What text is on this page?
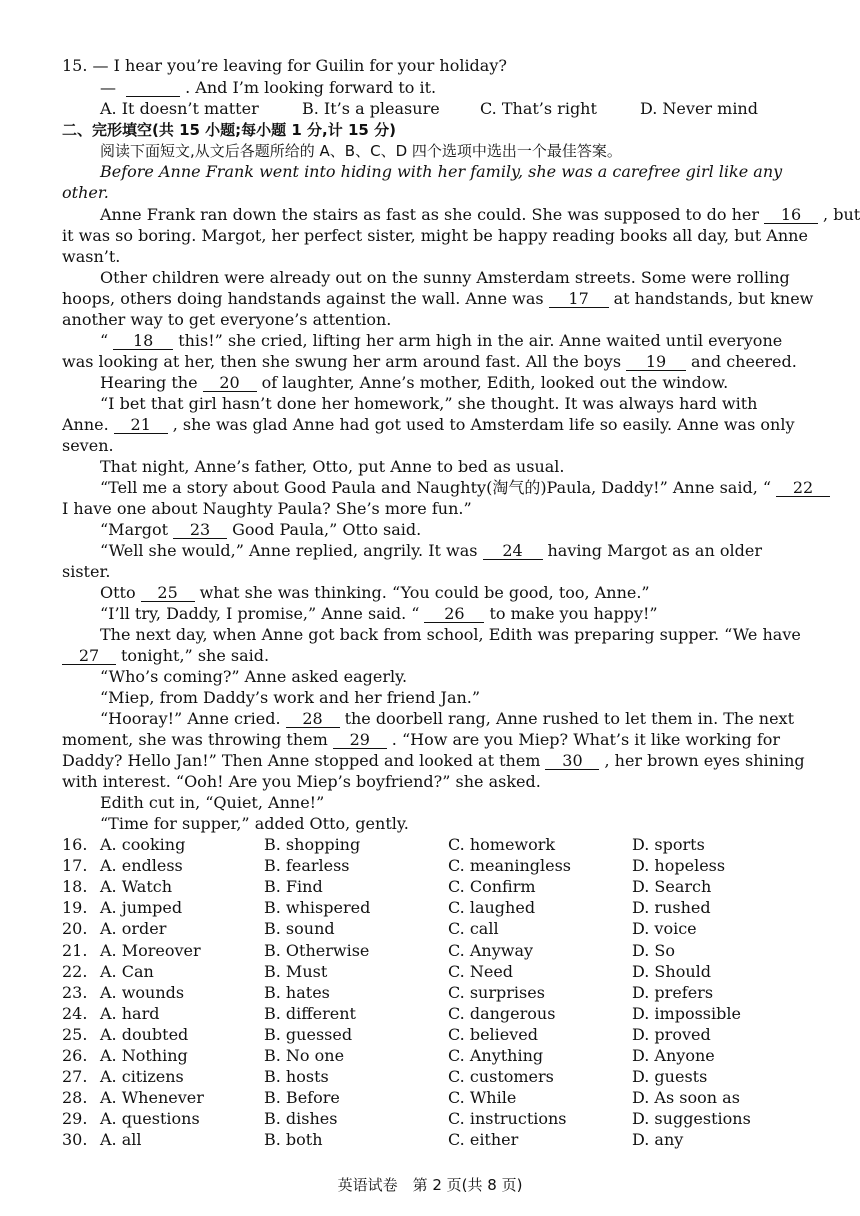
15. — I hear you’re leaving for Guilin for your holiday?
—	. And I’m looking forward to it.
A. It doesn’t matter	B. It’s a pleasure	C. That’s right	D. Never mind
二、完形填空(共 15 小题;每小题 1 分,计 15 分)
阅读下面短文,从文后各题所给的 A、B、C、D 四个选项中选出一个最佳答案。
Before Anne Frank went into hiding with her family, she was a carefree girl like any
other.
Anne Frank ran down the stairs as fast as she could. She was supposed to do her 16 , but
it was so boring. Margot, her perfect sister, might be happy reading books all day, but Anne
wasn’t.
Other children were already out on the sunny Amsterdam streets. Some were rolling
hoops, others doing handstands against the wall. Anne was 17 at handstands, but knew
another way to get everyone’s attention.
“ 18 this!” she cried, lifting her arm high in the air. Anne waited until everyone
was looking at her, then she swung her arm around fast. All the boys 19 and cheered.
Hearing the 20 of laughter, Anne’s mother, Edith, looked out the window.
“I bet that girl hasn’t done her homework,” she thought. It was always hard with
Anne. 21 , she was glad Anne had got used to Amsterdam life so easily. Anne was only
seven.
That night, Anne’s father, Otto, put Anne to bed as usual.
“Tell me a story about Good Paula and Naughty(淘气的)Paula, Daddy!” Anne said, “ 22
I have one about Naughty Paula? She’s more fun.”
“Margot 23 Good Paula,” Otto said.
“Well she would,” Anne replied, angrily. It was 24 having Margot as an older
sister.
Otto 25 what she was thinking. “You could be good, too, Anne.”
“I’ll try, Daddy, I promise,” Anne said. “ 26 to make you happy!”
The next day, when Anne got back from school, Edith was preparing supper. “We have
27 tonight,” she said.
“Who’s coming?” Anne asked eagerly.
“Miep, from Daddy’s work and her friend Jan.”
“Hooray!” Anne cried. 28 the doorbell rang, Anne rushed to let them in. The next
moment, she was throwing them 29 . “How are you Miep? What’s it like working for
Daddy? Hello Jan!” Then Anne stopped and looked at them 30 , her brown eyes shining
with interest. “Ooh! Are you Miep’s boyfriend?” she asked.
Edith cut in, “Quiet, Anne!”
“Time for supper,” added Otto, gently.
16. A. cooking	B. shopping	C. homework	D. sports
17. A. endless	B. fearless	C. meaningless	D. hopeless
18. A. Watch	B. Find	C. Confirm	D. Search
19. A. jumped	B. whispered	C. laughed	D. rushed
20. A. order	B. sound	C. call	D. voice
21. A. Moreover	B. Otherwise	C. Anyway	D. So
22. A. Can	B. Must	C. Need	D. Should
23. A. wounds	B. hates	C. surprises	D. prefers
24. A. hard	B. different	C. dangerous	D. impossible
25. A. doubted	B. guessed	C. believed	D. proved
26. A. Nothing	B. No one	C. Anything	D. Anyone
27. A. citizens	B. hosts	C. customers	D. guests
28. A. Whenever	B. Before	C. While	D. As soon as
29. A. questions	B. dishes	C. instructions	D. suggestions
30. A. all	B. both	C. either	D. any
英语试卷　第 2 页(共 8 页)
